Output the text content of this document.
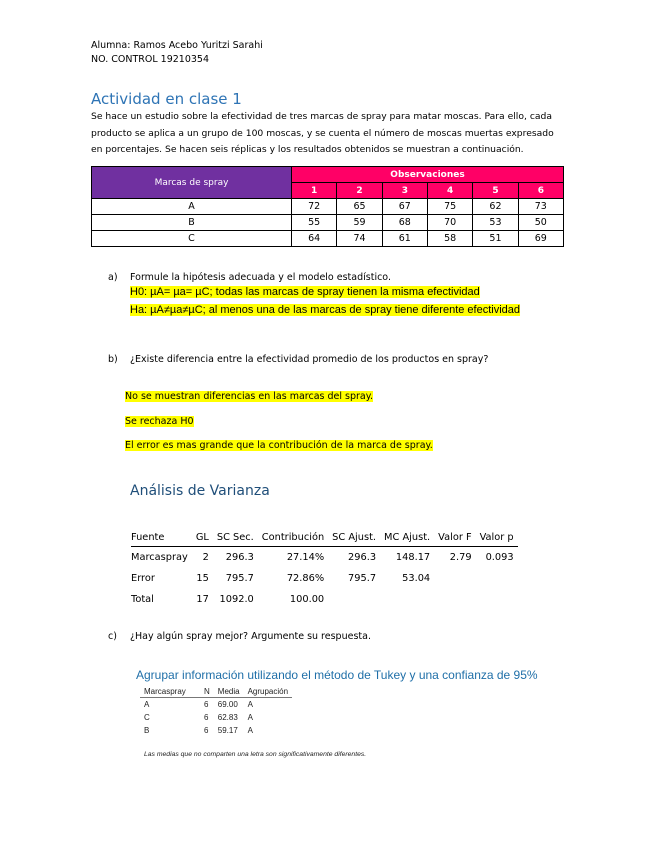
Alumna: Ramos Acebo Yuritzi Sarahi
NO. CONTROL 19210354
Actividad en clase 1
Se hace un estudio sobre la efectividad de tres marcas de spray para matar moscas. Para ello, cada producto se aplica a un grupo de 100 moscas, y se cuenta el número de moscas muertas expresado en porcentajes. Se hacen seis réplicas y los resultados obtenidos se muestran a continuación.
Marcas de spray	Observaciones					
	1	2	3	4	5	6
A	72	65	67	75	62	73
B	55	59	68	70	53	50
C	64	74	61	58	51	69
a) Formule la hipótesis adecuada y el modelo estadístico.
H0: µA= µa= µC; todas las marcas de spray tienen la misma efectividad
Ha: µA≠µa≠µC; al menos una de las marcas de spray tiene diferente efectividad
b) ¿Existe diferencia entre la efectividad promedio de los productos en spray?
No se muestran diferencias en las marcas del spray.
Se rechaza H0
El error es mas grande que la contribución de la marca de spray.
Análisis de Varianza
Fuente	GL	SC Sec.	Contribución	SC Ajust.	MC Ajust.	Valor F	Valor p
Marcaspray	2	296.3	27.14%	296.3	148.17	2.79	0.093
Error	15	795.7	72.86%	795.7	53.04		
Total	17	1092.0	100.00				
c) ¿Hay algún spray mejor? Argumente su respuesta.
Agrupar información utilizando el método de Tukey y una confianza de 95%
Marcaspray	N	Media	Agrupación
A	6	69.00	A
C	6	62.83	A
B	6	59.17	A
Las medias que no comparten una letra son significativamente diferentes.
